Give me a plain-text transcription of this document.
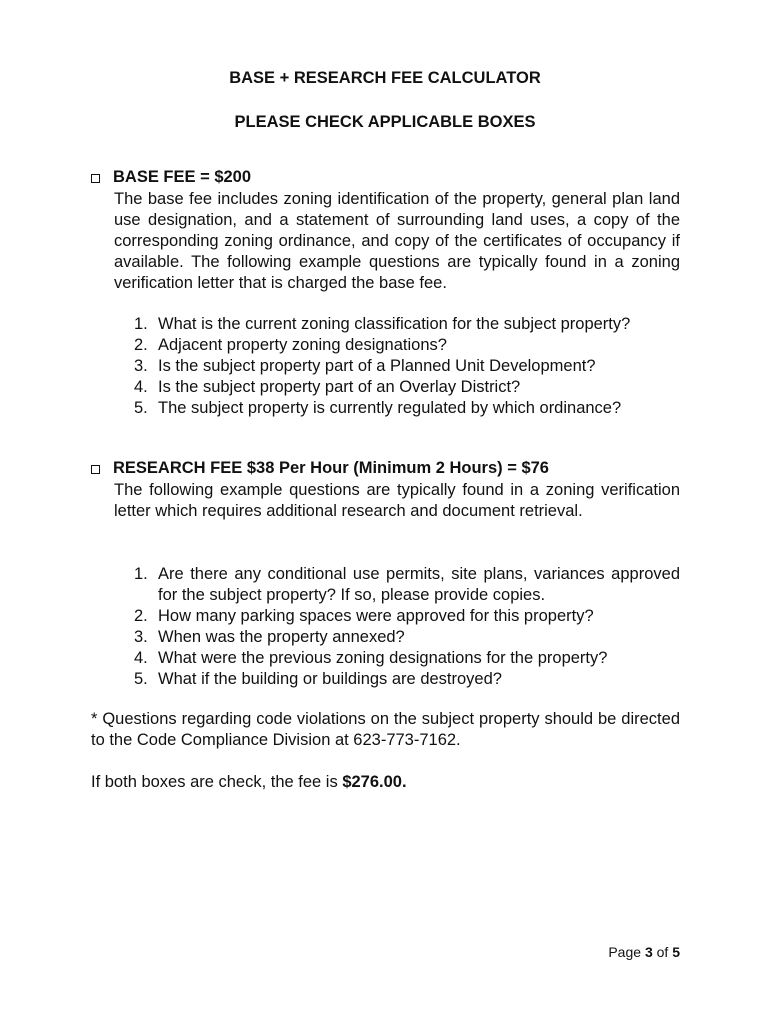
BASE + RESEARCH FEE CALCULATOR
PLEASE CHECK APPLICABLE BOXES
BASE FEE = $200

The base fee includes zoning identification of the property, general plan land use designation, and a statement of surrounding land uses, a copy of the corresponding zoning ordinance, and copy of the certificates of occupancy if available. The following example questions are typically found in a zoning verification letter that is charged the base fee.

1. What is the current zoning classification for the subject property?
2. Adjacent property zoning designations?
3. Is the subject property part of a Planned Unit Development?
4. Is the subject property part of an Overlay District?
5. The subject property is currently regulated by which ordinance?
RESEARCH FEE $38 Per Hour (Minimum 2 Hours) = $76

The following example questions are typically found in a zoning verification letter which requires additional research and document retrieval.

1. Are there any conditional use permits, site plans, variances approved for the subject property? If so, please provide copies.
2. How many parking spaces were approved for this property?
3. When was the property annexed?
4. What were the previous zoning designations for the property?
5. What if the building or buildings are destroyed?

* Questions regarding code violations on the subject property should be directed to the Code Compliance Division at 623-773-7162.

If both boxes are check, the fee is $276.00.

Page 3 of 5
